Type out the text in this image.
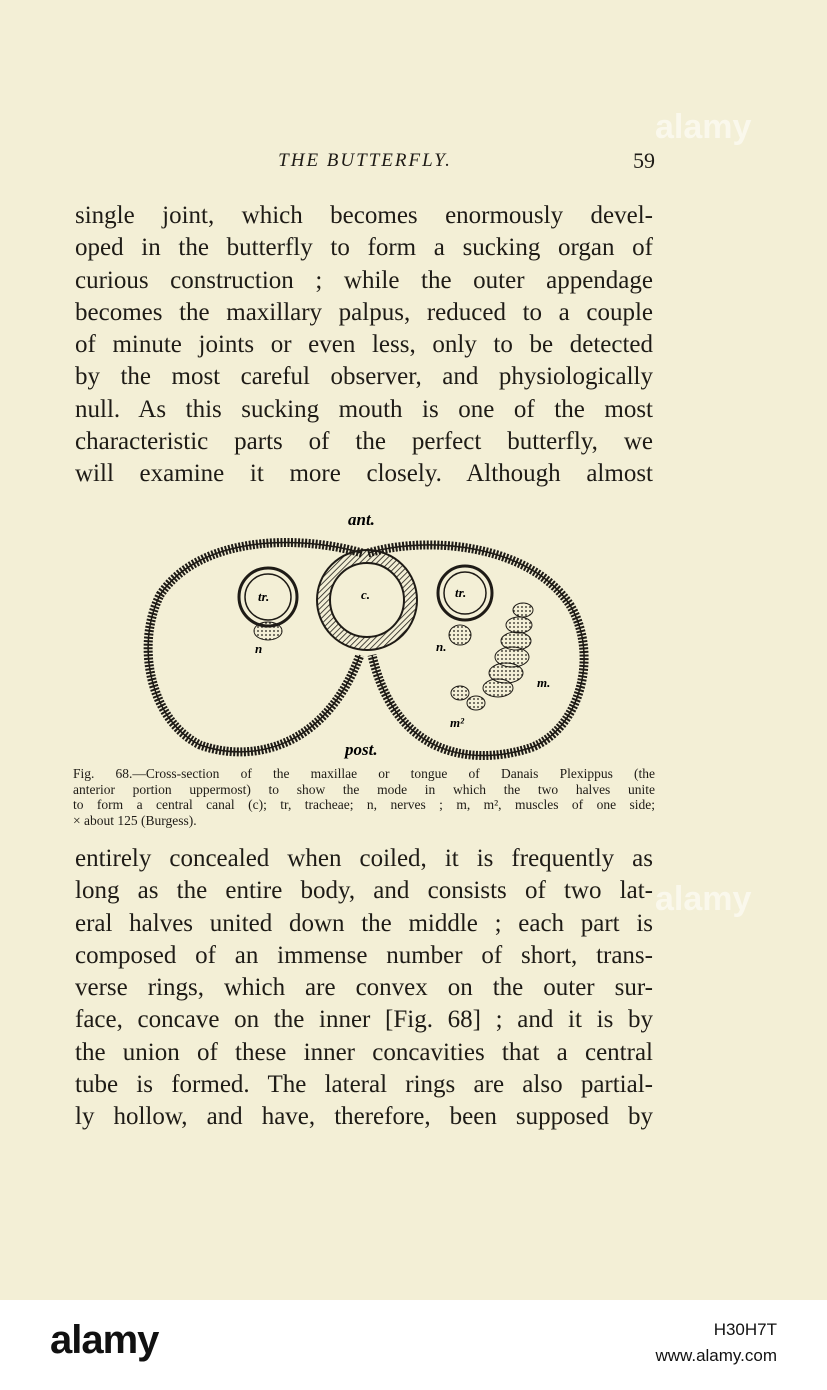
THE BUTTERFLY.	59
single joint, which becomes enormously devel-
oped in the butterfly to form a sucking organ of
curious construction ; while the outer appendage
becomes the maxillary palpus, reduced to a couple
of minute joints or even less, only to be detected
by the most careful observer, and physiologically
null. As this sucking mouth is one of the most
characteristic parts of the perfect butterfly, we
will examine it more closely. Although almost
ant.
post.
c.
tr.	tr.
n	n.
m.
m²
Fig. 68.—Cross-section of the maxillae or tongue of Danais Plexippus (the
anterior portion uppermost) to show the mode in which the two halves unite
to form a central canal (c); tr, tracheae; n, nerves ; m, m², muscles of one side;
× about 125 (Burgess).
entirely concealed when coiled, it is frequently as
long as the entire body, and consists of two lat-
eral halves united down the middle ; each part is
composed of an immense number of short, trans-
verse rings, which are convex on the outer sur-
face, concave on the inner [Fig. 68] ; and it is by
the union of these inner concavities that a central
tube is formed. The lateral rings are also partial-
ly hollow, and have, therefore, been supposed by
alamy
alamy
alamy	H30H7T
www.alamy.com
